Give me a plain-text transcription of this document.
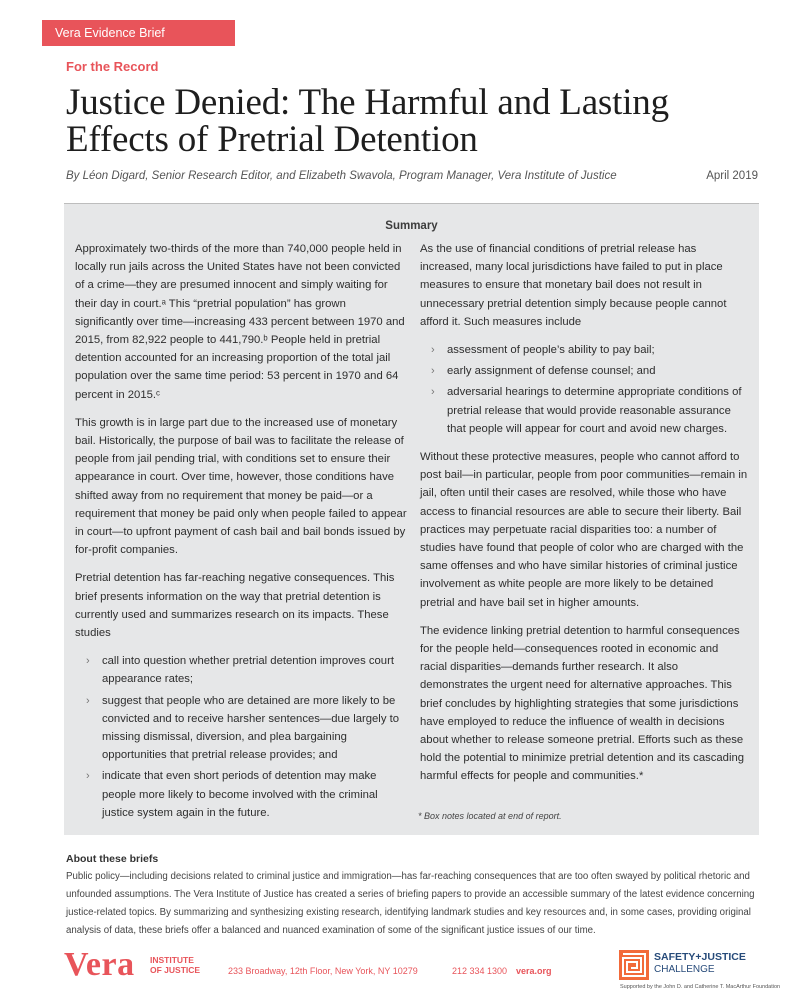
Vera Evidence Brief
For the Record
Justice Denied: The Harmful and Lasting
Effects of Pretrial Detention
By Léon Digard, Senior Research Editor, and Elizabeth Swavola, Program Manager, Vera Institute of Justice	April 2019
Summary

Approximately two-thirds of the more than 740,000 people held in locally run jails across the United States have not been convicted of a crime—they are presumed innocent and simply waiting for their day in court.ᵃ This “pretrial population” has grown significantly over time—increasing 433 percent between 1970 and 2015, from 82,922 people to 441,790.ᵇ People held in pretrial detention accounted for an increasing proportion of the total jail population over the same time period: 53 percent in 1970 and 64 percent in 2015.ᶜ

This growth is in large part due to the increased use of monetary bail. Historically, the purpose of bail was to facilitate the release of people from jail pending trial, with conditions set to ensure their appearance in court. Over time, however, those conditions have shifted away from no requirement that money be paid—or a requirement that money be paid only when people failed to appear in court—to upfront payment of cash bail and bail bonds issued by for-profit companies.

Pretrial detention has far-reaching negative consequences. This brief presents information on the way that pretrial detention is currently used and summarizes research on its impacts. These studies

› call into question whether pretrial detention improves court appearance rates;
› suggest that people who are detained are more likely to be convicted and to receive harsher sentences—due largely to missing dismissal, diversion, and plea bargaining opportunities that pretrial release provides; and
› indicate that even short periods of detention may make people more likely to become involved with the criminal justice system again in the future.

As the use of financial conditions of pretrial release has increased, many local jurisdictions have failed to put in place measures to ensure that monetary bail does not result in unnecessary pretrial detention simply because people cannot afford it. Such measures include

› assessment of people’s ability to pay bail;
› early assignment of defense counsel; and
› adversarial hearings to determine appropriate conditions of pretrial release that would provide reasonable assurance that people will appear for court and avoid new charges.

Without these protective measures, people who cannot afford to post bail—in particular, people from poor communities—remain in jail, often until their cases are resolved, while those who have access to financial resources are able to secure their liberty. Bail practices may perpetuate racial disparities too: a number of studies have found that people of color who are charged with the same offenses and who have similar histories of criminal justice involvement as white people are more likely to be detained pretrial and have bail set in higher amounts.

The evidence linking pretrial detention to harmful consequences for the people held—consequences rooted in economic and racial disparities—demands further research. It also demonstrates the urgent need for alternative approaches. This brief concludes by highlighting strategies that some jurisdictions have employed to reduce the influence of wealth in decisions about whether to release someone pretrial. Efforts such as these hold the potential to minimize pretrial detention and its cascading harmful effects for people and communities.*

* Box notes located at end of report.
About these briefs

Public policy—including decisions related to criminal justice and immigration—has far-reaching consequences that are too often swayed by political rhetoric and unfounded assumptions. The Vera Institute of Justice has created a series of briefing papers to provide an accessible summary of the latest evidence concerning justice-related topics. By summarizing and synthesizing existing research, identifying landmark studies and key resources and, in some cases, providing original analysis of data, these briefs offer a balanced and nuanced examination of some of the significant justice issues of our time.

Vera INSTITUTE
OF JUSTICE	233 Broadway, 12th Floor, New York, NY 10279	212 334 1300 vera.org
SAFETY+JUSTICE
CHALLENGE
Supported by the John D. and Catherine T. MacArthur Foundation
